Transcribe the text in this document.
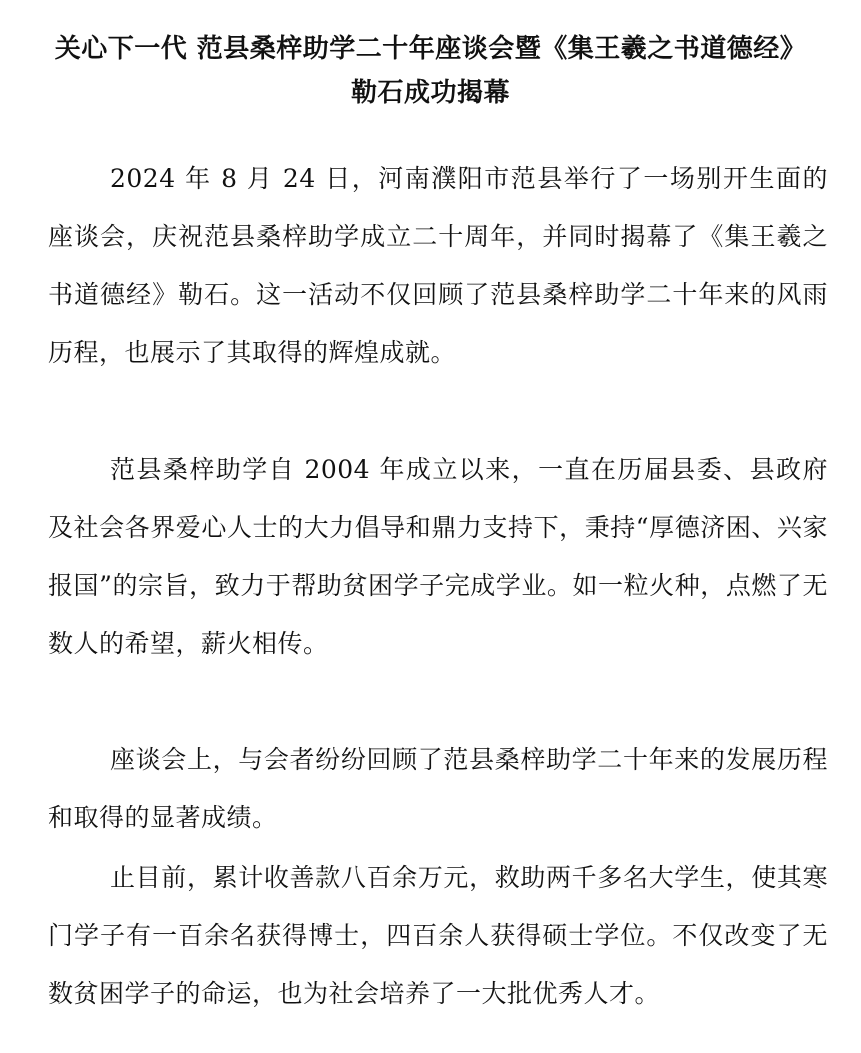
关心下一代 范县桑梓助学二十年座谈会暨《集王羲之书道德经》
勒石成功揭幕

2024 年 8 月 24 日，河南濮阳市范县举行了一场别开生面的座谈会，庆祝范县桑梓助学成立二十周年，并同时揭幕了《集王羲之书道德经》勒石。这一活动不仅回顾了范县桑梓助学二十年来的风雨历程，也展示了其取得的辉煌成就。

范县桑梓助学自 2004 年成立以来，一直在历届县委、县政府及社会各界爱心人士的大力倡导和鼎力支持下，秉持“厚德济困、兴家报国”的宗旨，致力于帮助贫困学子完成学业。如一粒火种，点燃了无数人的希望，薪火相传。

座谈会上，与会者纷纷回顾了范县桑梓助学二十年来的发展历程和取得的显著成绩。

止目前，累计收善款八百余万元，救助两千多名大学生，使其寒门学子有一百余名获得博士，四百余人获得硕士学位。不仅改变了无数贫困学子的命运，也为社会培养了一大批优秀人才。
